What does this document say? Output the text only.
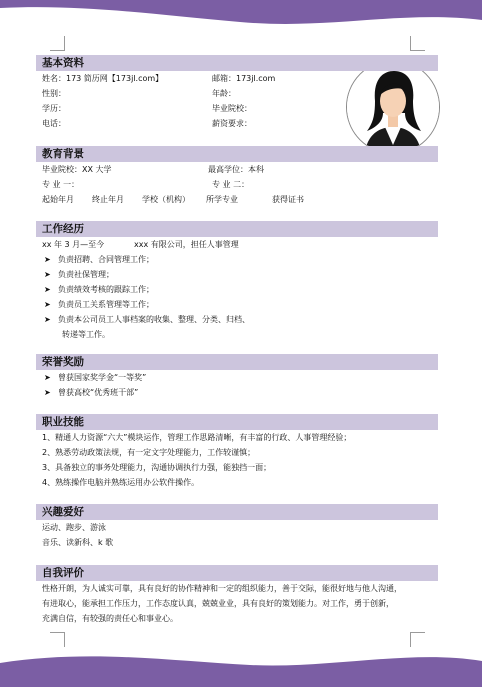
基本资料
姓名：173 简历网【173jl.com】	邮箱：173jl.com
性别：	年龄：
学历：	毕业院校：
电话：	薪资要求：
教育背景
毕业院校：XX 大学	最高学位：本科
专 业 一：	专 业 二：
起始年月 终止年月 学校（机构） 所学专业	获得证书
工作经历
xx 年 3 月—至今	xxx 有限公司，担任人事管理
➤ 负责招聘、合同管理工作；
➤ 负责社保管理；
➤ 负责绩效考核的跟踪工作；
➤ 负责员工关系管理等工作；
➤ 负责本公司员工人事档案的收集、整理、分类、归档、
转递等工作。
荣誉奖励
➤ 曾获国家奖学金“一等奖”
➤ 曾获高校“优秀班干部”
职业技能
1、精通人力资源“六大”模块运作，管理工作思路清晰，有丰富的行政、人事管理经验；
2、熟悉劳动政策法规，有一定文字处理能力，工作较谨慎；
3、具备独立的事务处理能力，沟通协调执行力强，能独挡一面；
4、熟练操作电脑并熟练运用办公软件操作。
兴趣爱好
运动、跑步、游泳
音乐、读新科、k 歌
自我评价
性格开朗，为人诚实可靠，具有良好的协作精神和一定的组织能力，善于交际，能很好地与他人沟通，
有进取心，能承担工作压力，工作态度认真，兢兢业业，具有良好的策划能力。对工作，勇于创新，
充满自信，有较强的责任心和事业心。
